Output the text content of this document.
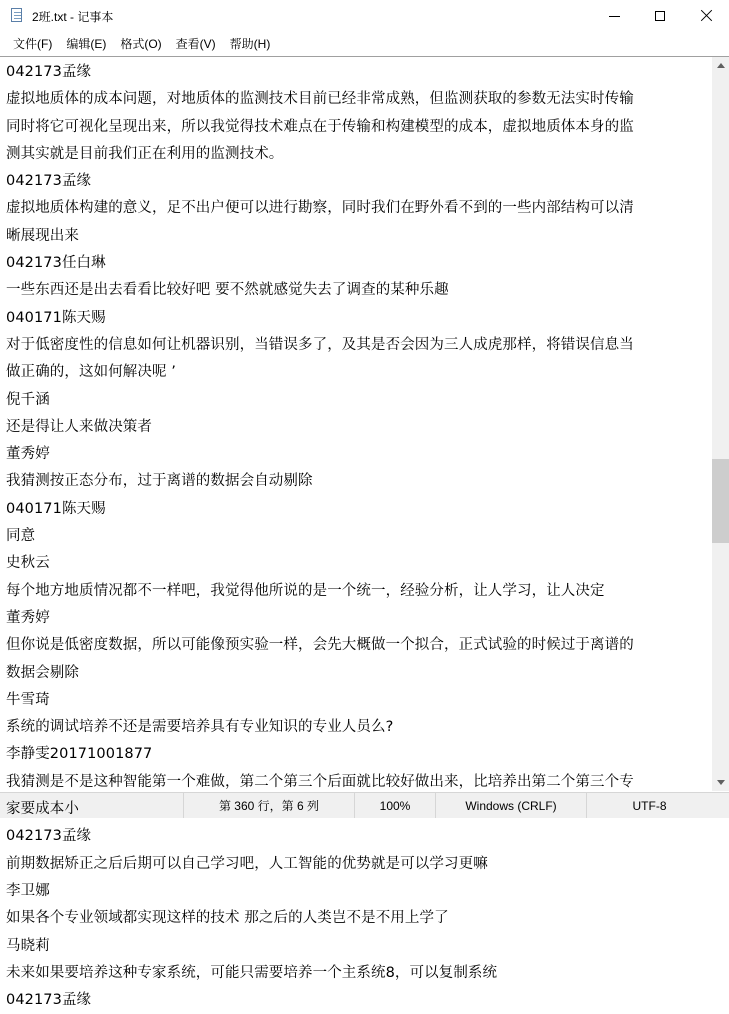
2班.txt - 记事本
文件(F)	编辑(E)	格式(O)	查看(V)	帮助(H)
042173孟缘
虚拟地质体的成本问题，对地质体的监测技术目前已经非常成熟，但监测获取的参数无法实时传输
同时将它可视化呈现出来，所以我觉得技术难点在于传输和构建模型的成本，虚拟地质体本身的监
测其实就是目前我们正在利用的监测技术。
042173孟缘
虚拟地质体构建的意义，足不出户便可以进行勘察，同时我们在野外看不到的一些内部结构可以清
晰展现出来
042173任白琳
一些东西还是出去看看比较好吧 要不然就感觉失去了调查的某种乐趣
040171陈天赐
对于低密度性的信息如何让机器识别，当错误多了，及其是否会因为三人成虎那样，将错误信息当
做正确的，这如何解决呢 ’
倪千涵
还是得让人来做决策者
董秀婷
我猜测按正态分布，过于离谱的数据会自动剔除
040171陈天赐
同意
史秋云
每个地方地质情况都不一样吧，我觉得他所说的是一个统一，经验分析，让人学习，让人决定
董秀婷
但你说是低密度数据，所以可能像预实验一样，会先大概做一个拟合，正式试验的时候过于离谱的
数据会剔除
牛雪琦
系统的调试培养不还是需要培养具有专业知识的专业人员么?
李静雯20171001877
我猜测是不是这种智能第一个难做，第二个第三个后面就比较好做出来，比培养出第二个第三个专
家要成本小
042173孟缘
前期数据矫正之后后期可以自己学习吧，人工智能的优势就是可以学习更嘛
李卫娜
如果各个专业领域都实现这样的技术 那之后的人类岂不是不用上学了
马晓莉
未来如果要培养这种专家系统，可能只需要培养一个主系统8，可以复制系统
042173孟缘
第 360 行，第 6 列	100%	Windows (CRLF)	UTF-8
